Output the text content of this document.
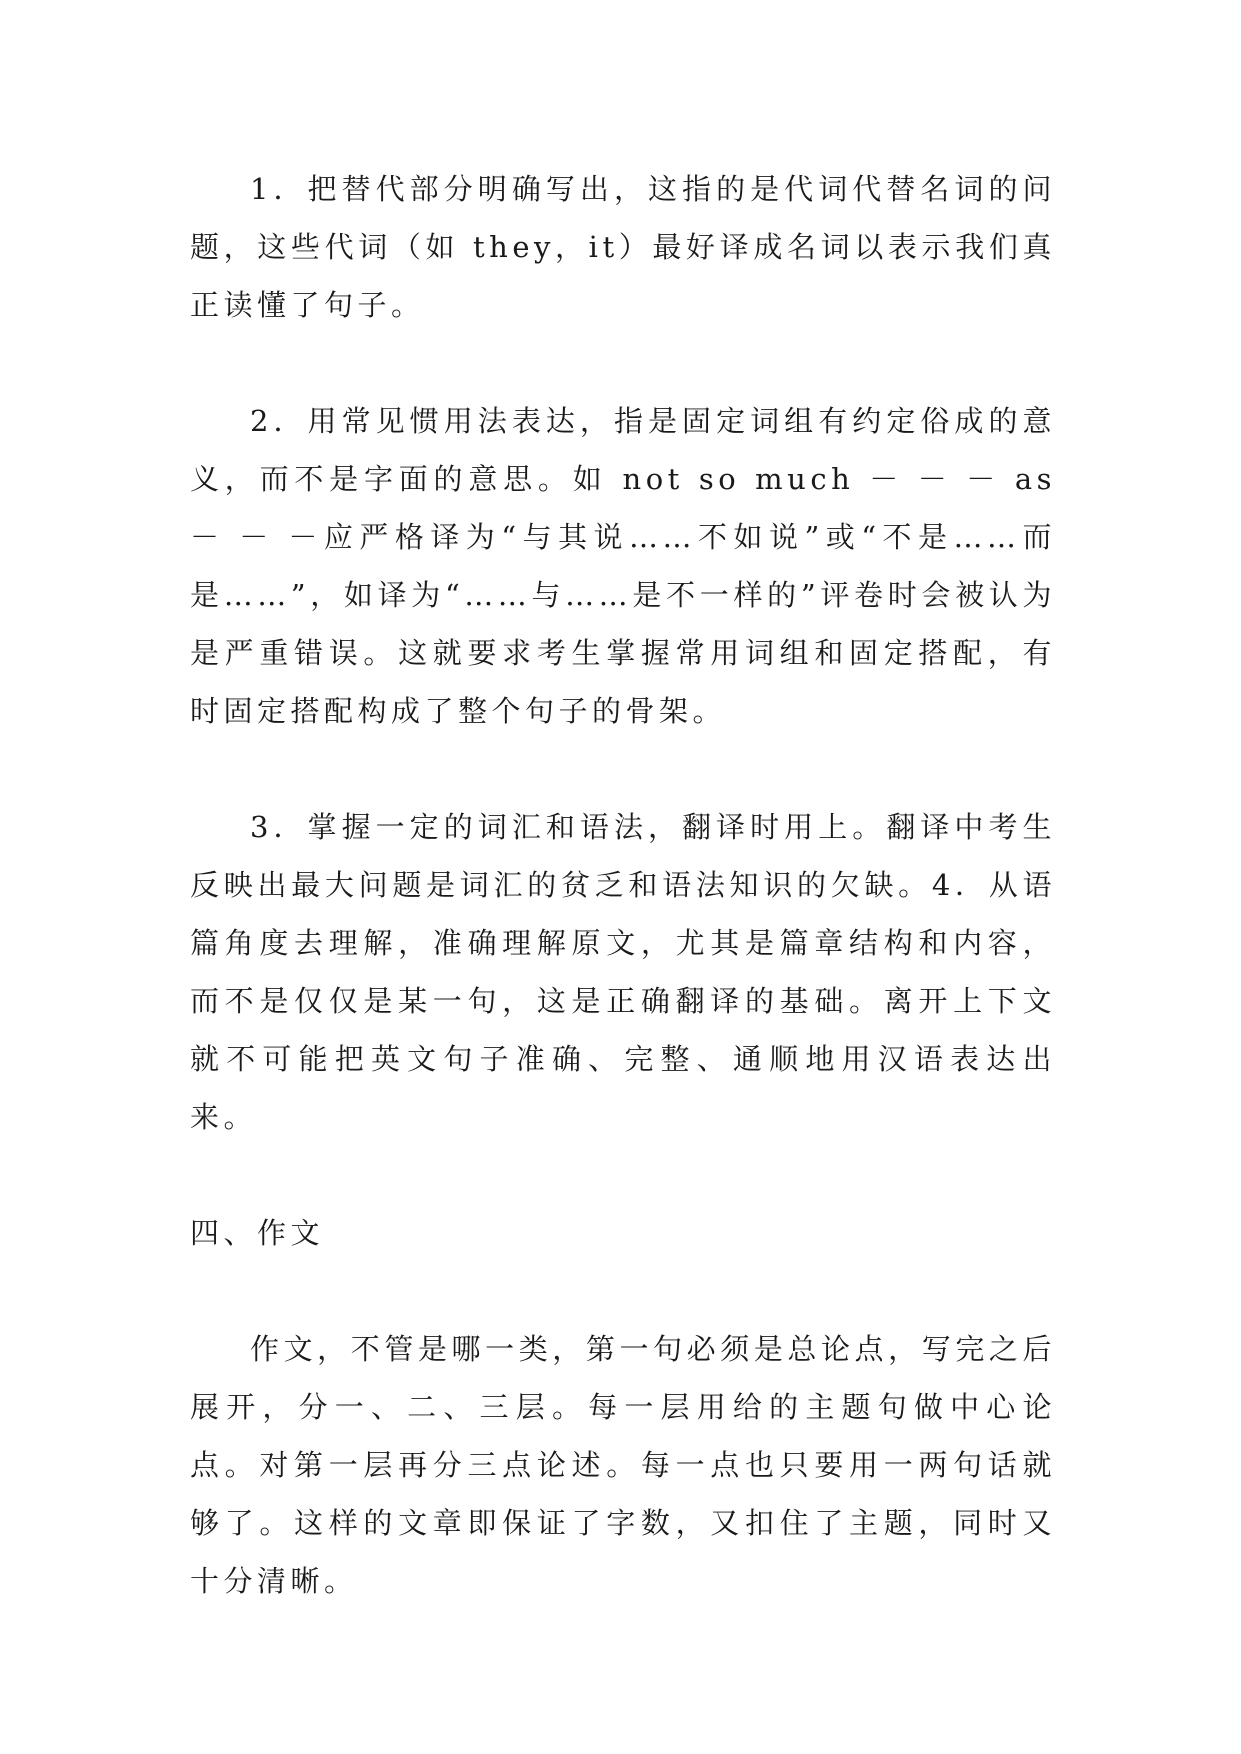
1．把替代部分明确写出，这指的是代词代替名词的问题，这些代词（如 they，it）最好译成名词以表示我们真正读懂了句子。

2．用常见惯用法表达，指是固定词组有约定俗成的意义，而不是字面的意思。如 not so much － － － as － － －应严格译为“与其说……不如说”或“不是……而是……”，如译为“……与……是不一样的”评卷时会被认为是严重错误。这就要求考生掌握常用词组和固定搭配，有时固定搭配构成了整个句子的骨架。

3．掌握一定的词汇和语法，翻译时用上。翻译中考生反映出最大问题是词汇的贫乏和语法知识的欠缺。4．从语篇角度去理解，准确理解原文，尤其是篇章结构和内容，而不是仅仅是某一句，这是正确翻译的基础。离开上下文就不可能把英文句子准确、完整、通顺地用汉语表达出来。

四、作文

作文，不管是哪一类，第一句必须是总论点，写完之后展开，分一、二、三层。每一层用给的主题句做中心论点。对第一层再分三点论述。每一点也只要用一两句话就够了。这样的文章即保证了字数，又扣住了主题，同时又十分清晰。
